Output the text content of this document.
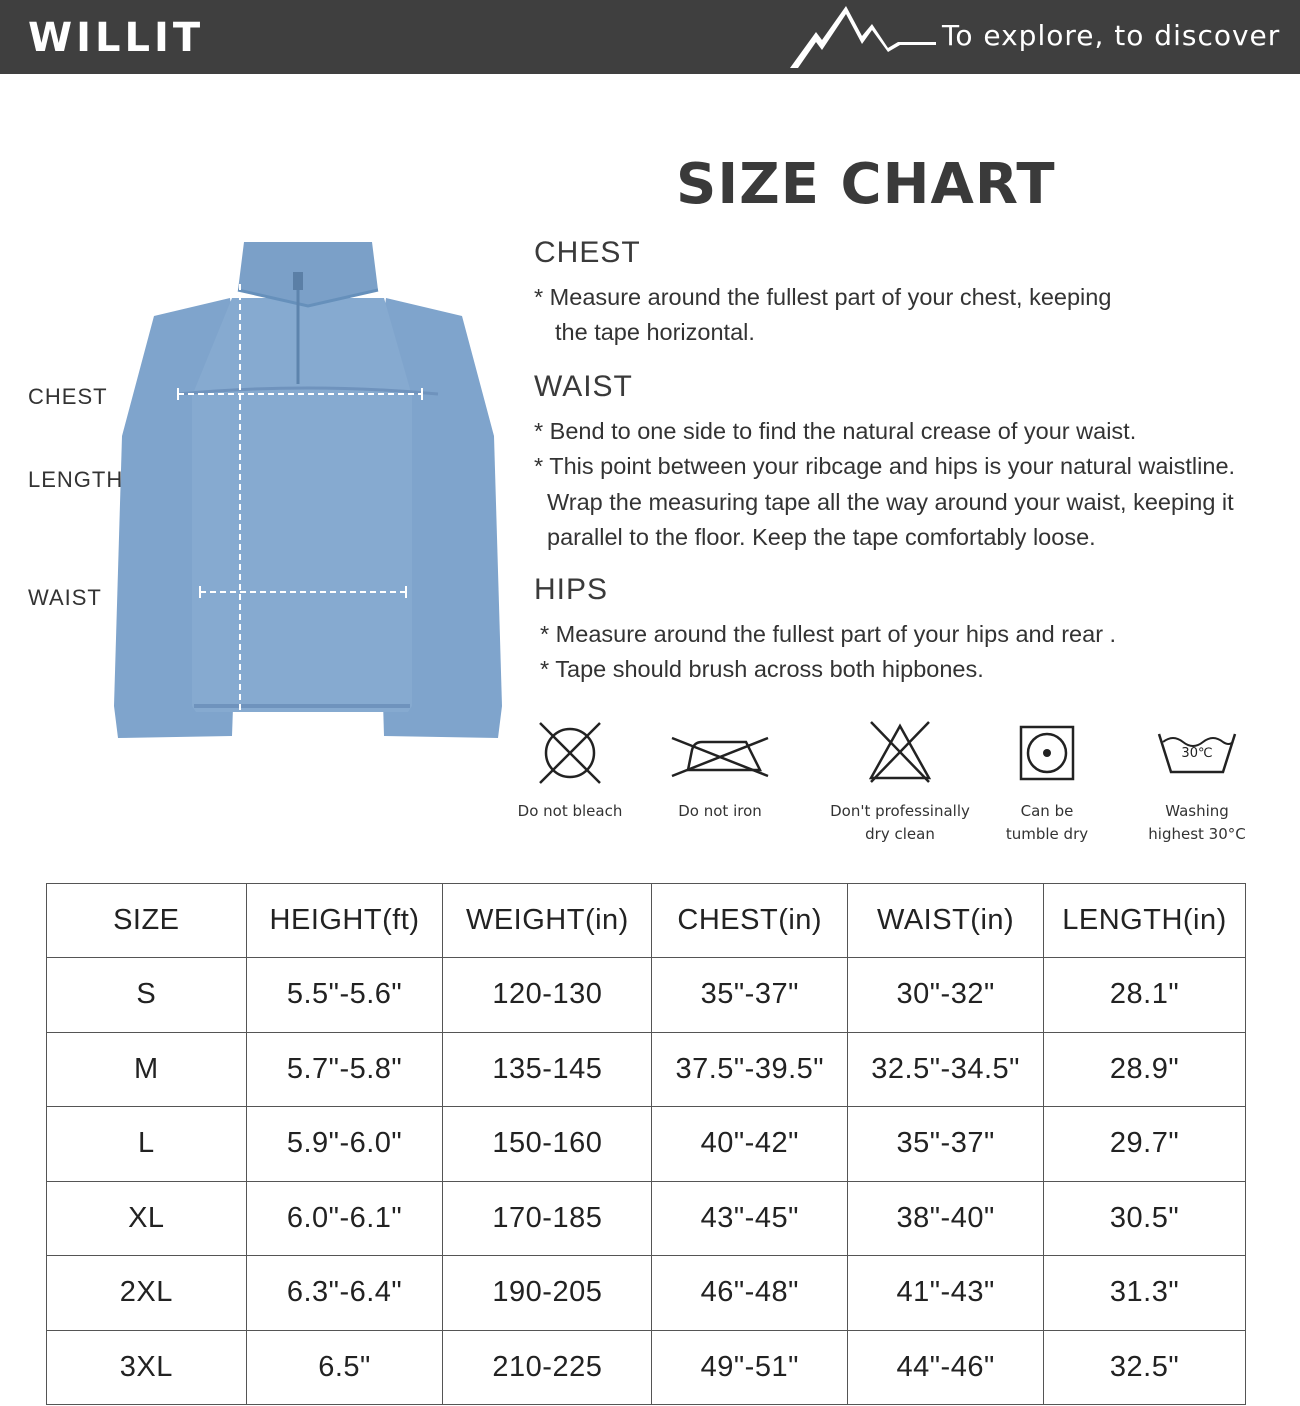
WILLIT	To explore, to discover
SIZE CHART
CHEST
LENGTH
WAIST
CHEST
* Measure around the fullest part of your chest, keeping
the tape horizontal.
WAIST
* Bend to one side to find the natural crease of your waist.
* This point between your ribcage and hips is your natural waistline.
Wrap the measuring tape all the way around your waist, keeping it
parallel to the floor. Keep the tape comfortably loose.
HIPS
* Measure around the fullest part of your hips and rear .
* Tape should brush across both hipbones.
Do not bleach	Do not iron	Don't professinally
dry clean
Can be
tumble dry
30℃
Washing
highest 30°C
SIZE	HEIGHT(ft)	WEIGHT(in)	CHEST(in)	WAIST(in)	LENGTH(in)
S	5.5"-5.6"	120-130	35"-37"	30"-32"	28.1"
M	5.7"-5.8"	135-145	37.5"-39.5"	32.5"-34.5"	28.9"
L	5.9"-6.0"	150-160	40"-42"	35"-37"	29.7"
XL	6.0"-6.1"	170-185	43"-45"	38"-40"	30.5"
2XL	6.3"-6.4"	190-205	46"-48"	41"-43"	31.3"
3XL	6.5"	210-225	49"-51"	44"-46"	32.5"
